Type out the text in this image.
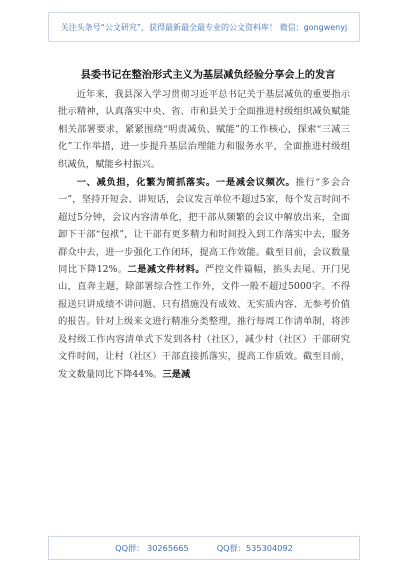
关注头条号“公文研究”，获得最新最全最专业的公文资料库！ 微信：gongwenyj
县委书记在整治形式主义为基层减负经验分享会上的发言

近年来，我县深入学习贯彻习近平总书记关于基层减负的重要指示批示精神，认真落实中央、省、市和县关于全面推进村级组织减负赋能相关部署要求，紧紧围绕“明责减负、赋能”的工作核心，探索“三减三化”工作举措，进一步提升基层治理能力和服务水平，全面推进村级组织减负，赋能乡村振兴。

一、减负担，化繁为简抓落实。一是减会议频次。推行“多会合一”，坚持开短会、讲短话，会议发言单位不超过5家，每个发言时间不超过5分钟，会议内容清单化，把干部从频繁的会议中解放出来，全面卸下干部“包袱”，让干部有更多精力和时间投入到工作落实中去，服务群众中去，进一步强化工作闭环，提高工作效能。截至目前，会议数量同比下降12%。二是减文件材料。严控文件篇幅，掐头去尾、开门见山，直奔主题，除部署综合性工作外，文件一般不超过5000字。不得报送只讲成绩不讲问题、只有措施没有成效、无实质内容、无参考价值的报告。针对上级来文进行精准分类整理，推行每周工作清单制，将涉及村级工作内容清单式下发到各村（社区），减少村（社区）干部研究文件时间，让村（社区）干部直接抓落实，提高工作质效。截至目前，发文数量同比下降44%。三是减

QQ群： 30265665	QQ群：535304092
